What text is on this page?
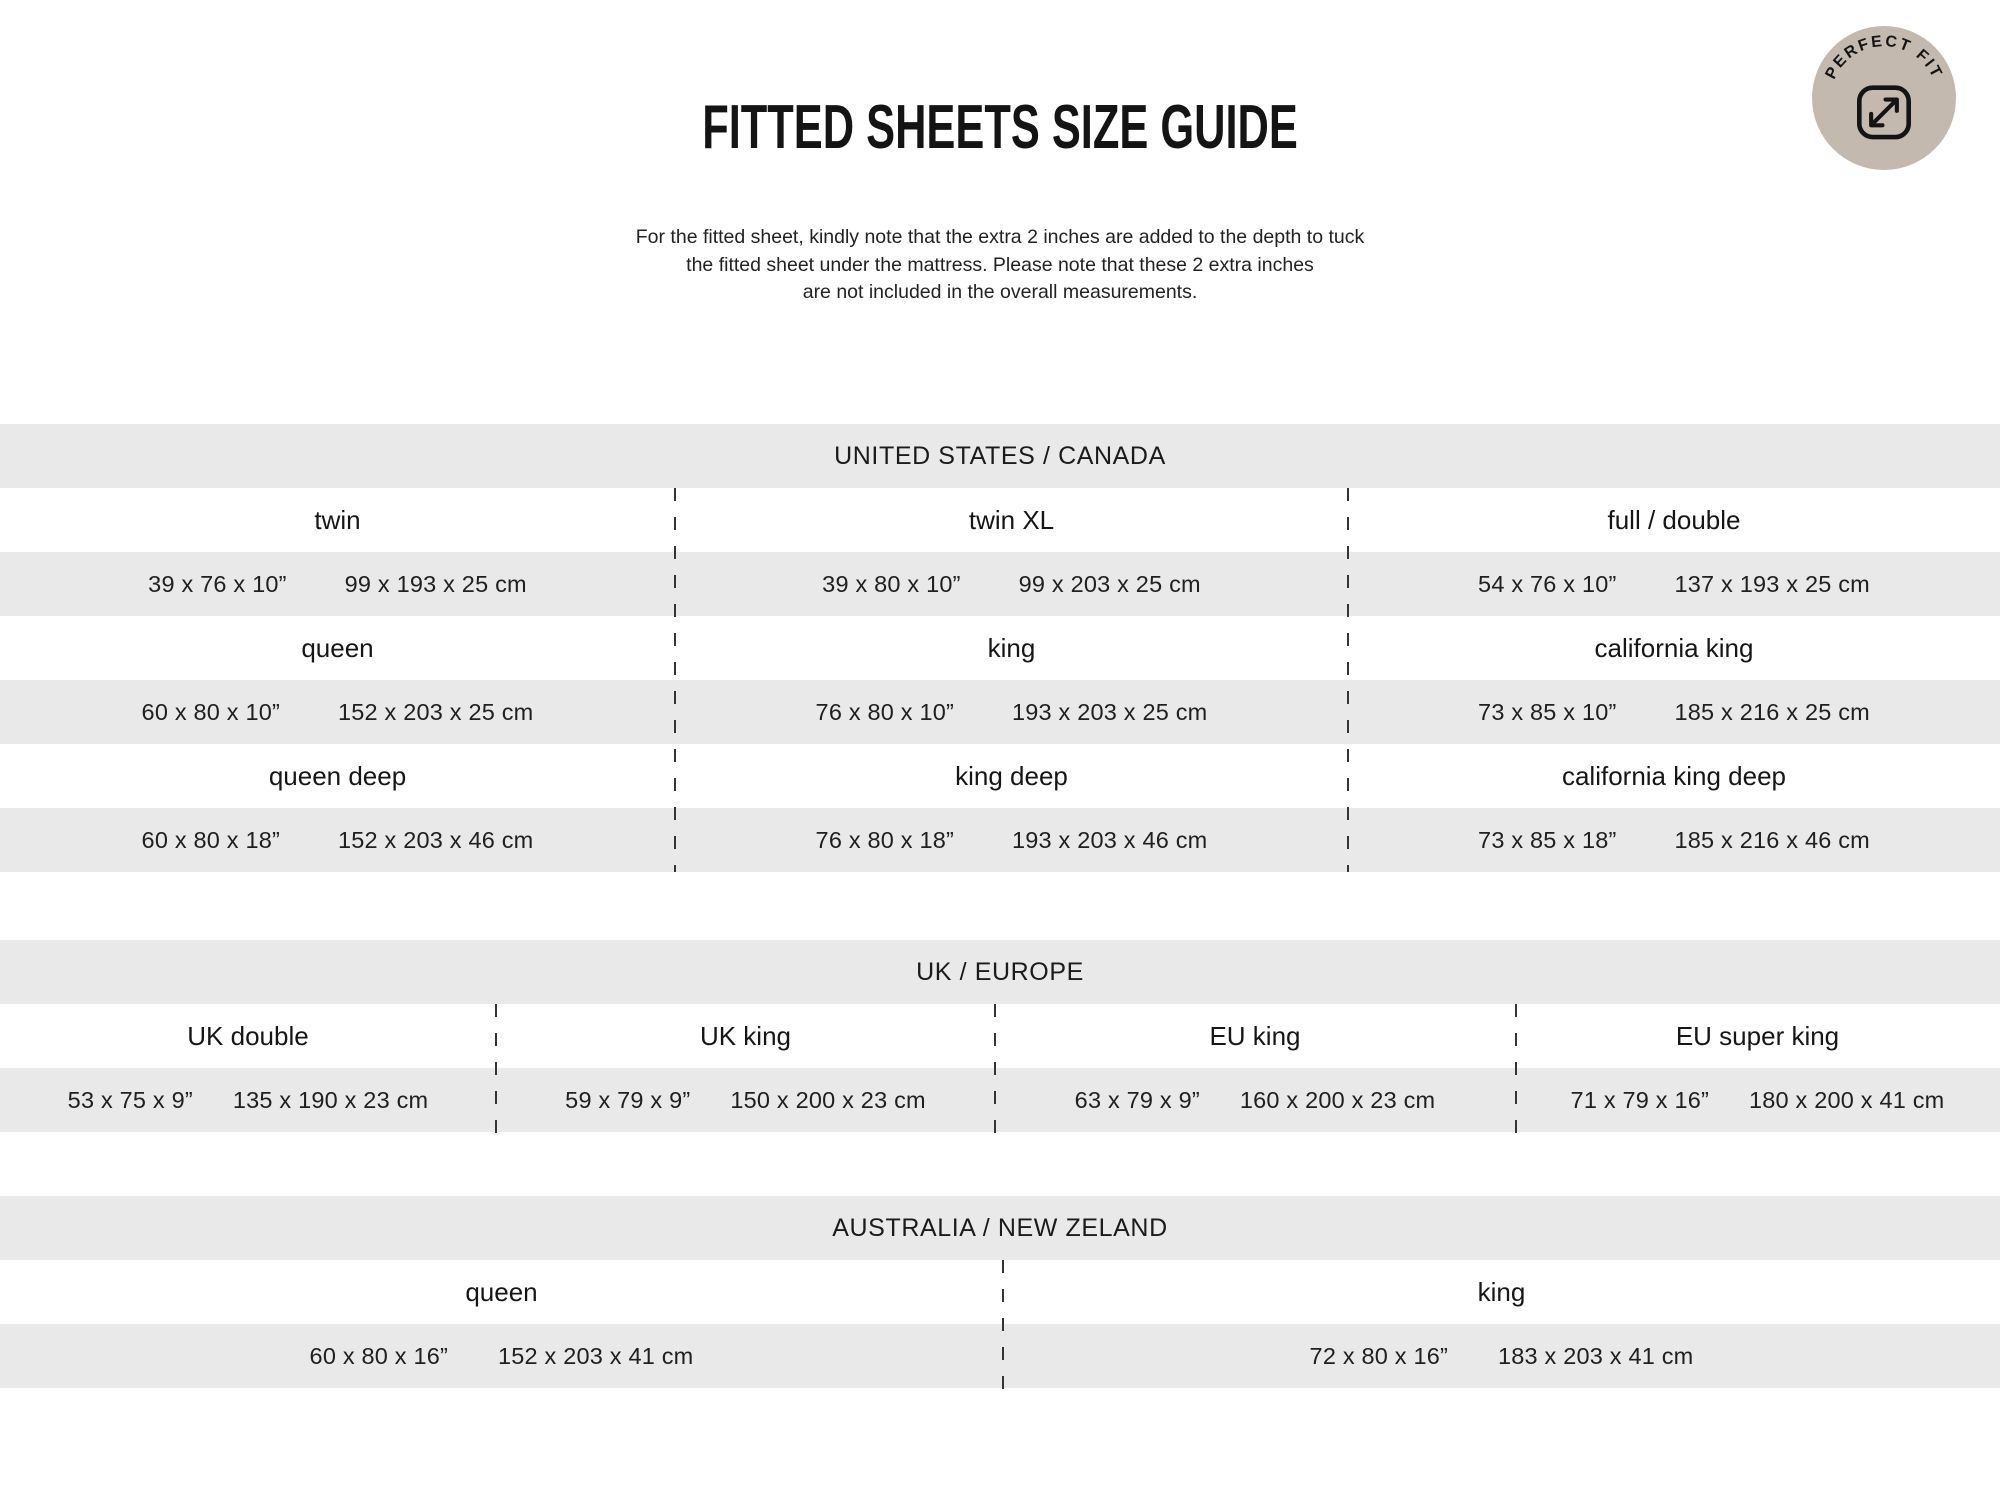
FITTED SHEETS SIZE GUIDE
For the fitted sheet, kindly note that the extra 2 inches are added to the depth to tuck
the fitted sheet under the mattress. Please note that these 2 extra inches
are not included in the overall measurements.
PERFECT FIT
UNITED STATES / CANADA
twin	twin XL	full / double
39 x 76 x 10” 99 x 193 x 25 cm	39 x 80 x 10” 99 x 203 x 25 cm	54 x 76 x 10” 137 x 193 x 25 cm
queen	king	california king
60 x 80 x 10” 152 x 203 x 25 cm	76 x 80 x 10” 193 x 203 x 25 cm	73 x 85 x 10” 185 x 216 x 25 cm
queen deep	king deep	california king deep
60 x 80 x 18” 152 x 203 x 46 cm	76 x 80 x 18” 193 x 203 x 46 cm	73 x 85 x 18” 185 x 216 x 46 cm
UK / EUROPE
UK double	UK king	EU king	EU super king
53 x 75 x 9” 135 x 190 x 23 cm	59 x 79 x 9” 150 x 200 x 23 cm	63 x 79 x 9” 160 x 200 x 23 cm	71 x 79 x 16” 180 x 200 x 41 cm
AUSTRALIA / NEW ZELAND
queen	king
60 x 80 x 16” 152 x 203 x 41 cm	72 x 80 x 16” 183 x 203 x 41 cm
